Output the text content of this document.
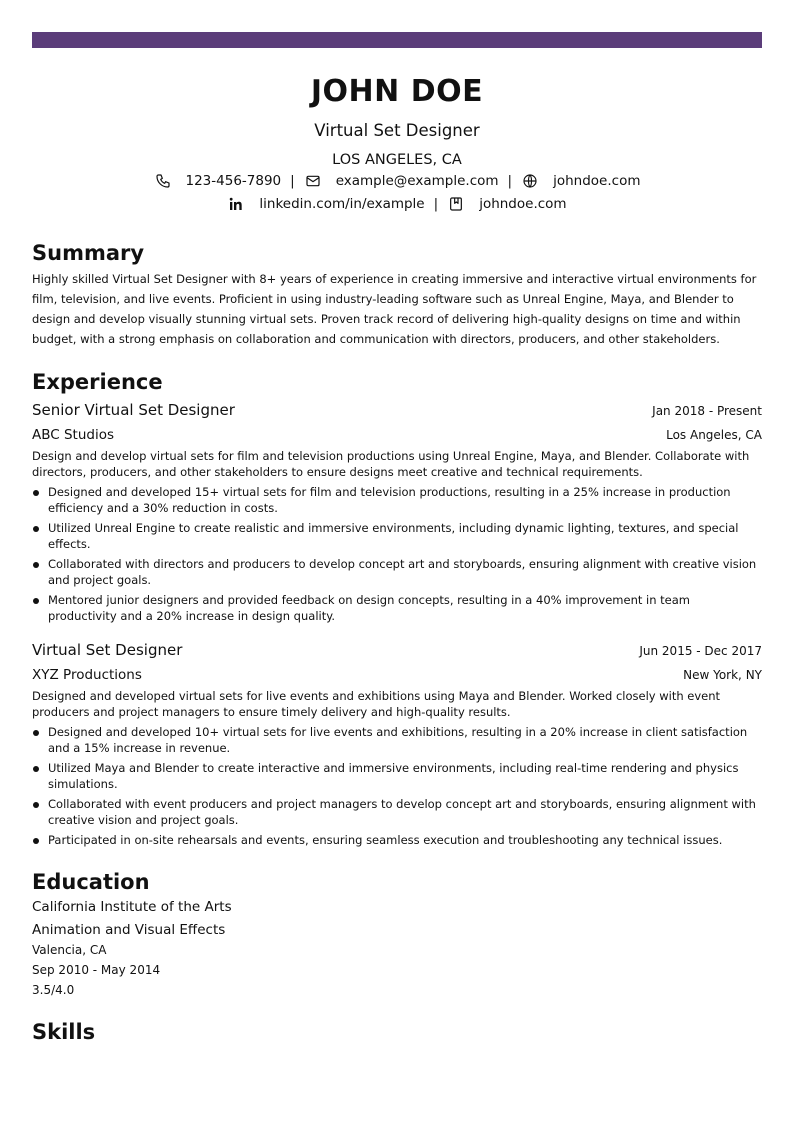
JOHN DOE
Virtual Set Designer
LOS ANGELES, CA
123-456-7890 |	example@example.com |	johndoe.com
linkedin.com/in/example |	johndoe.com
Summary
Highly skilled Virtual Set Designer with 8+ years of experience in creating immersive and interactive virtual environments for film, television, and live events. Proficient in using industry-leading software such as Unreal Engine, Maya, and Blender to design and develop visually stunning virtual sets. Proven track record of delivering high-quality designs on time and within budget, with a strong emphasis on collaboration and communication with directors, producers, and other stakeholders.
Experience
Senior Virtual Set Designer	Jan 2018 - Present
ABC Studios	Los Angeles, CA
Design and develop virtual sets for film and television productions using Unreal Engine, Maya, and Blender. Collaborate with directors, producers, and other stakeholders to ensure designs meet creative and technical requirements.
Designed and developed 15+ virtual sets for film and television productions, resulting in a 25% increase in production efficiency and a 30% reduction in costs.
Utilized Unreal Engine to create realistic and immersive environments, including dynamic lighting, textures, and special effects.
Collaborated with directors and producers to develop concept art and storyboards, ensuring alignment with creative vision and project goals.
Mentored junior designers and provided feedback on design concepts, resulting in a 40% improvement in team productivity and a 20% increase in design quality.
Virtual Set Designer	Jun 2015 - Dec 2017
XYZ Productions	New York, NY
Designed and developed virtual sets for live events and exhibitions using Maya and Blender. Worked closely with event producers and project managers to ensure timely delivery and high-quality results.
Designed and developed 10+ virtual sets for live events and exhibitions, resulting in a 20% increase in client satisfaction and a 15% increase in revenue.
Utilized Maya and Blender to create interactive and immersive environments, including real-time rendering and physics simulations.
Collaborated with event producers and project managers to develop concept art and storyboards, ensuring alignment with creative vision and project goals.
Participated in on-site rehearsals and events, ensuring seamless execution and troubleshooting any technical issues.
Education
California Institute of the Arts
Animation and Visual Effects
Valencia, CA
Sep 2010 - May 2014
3.5/4.0
Skills
